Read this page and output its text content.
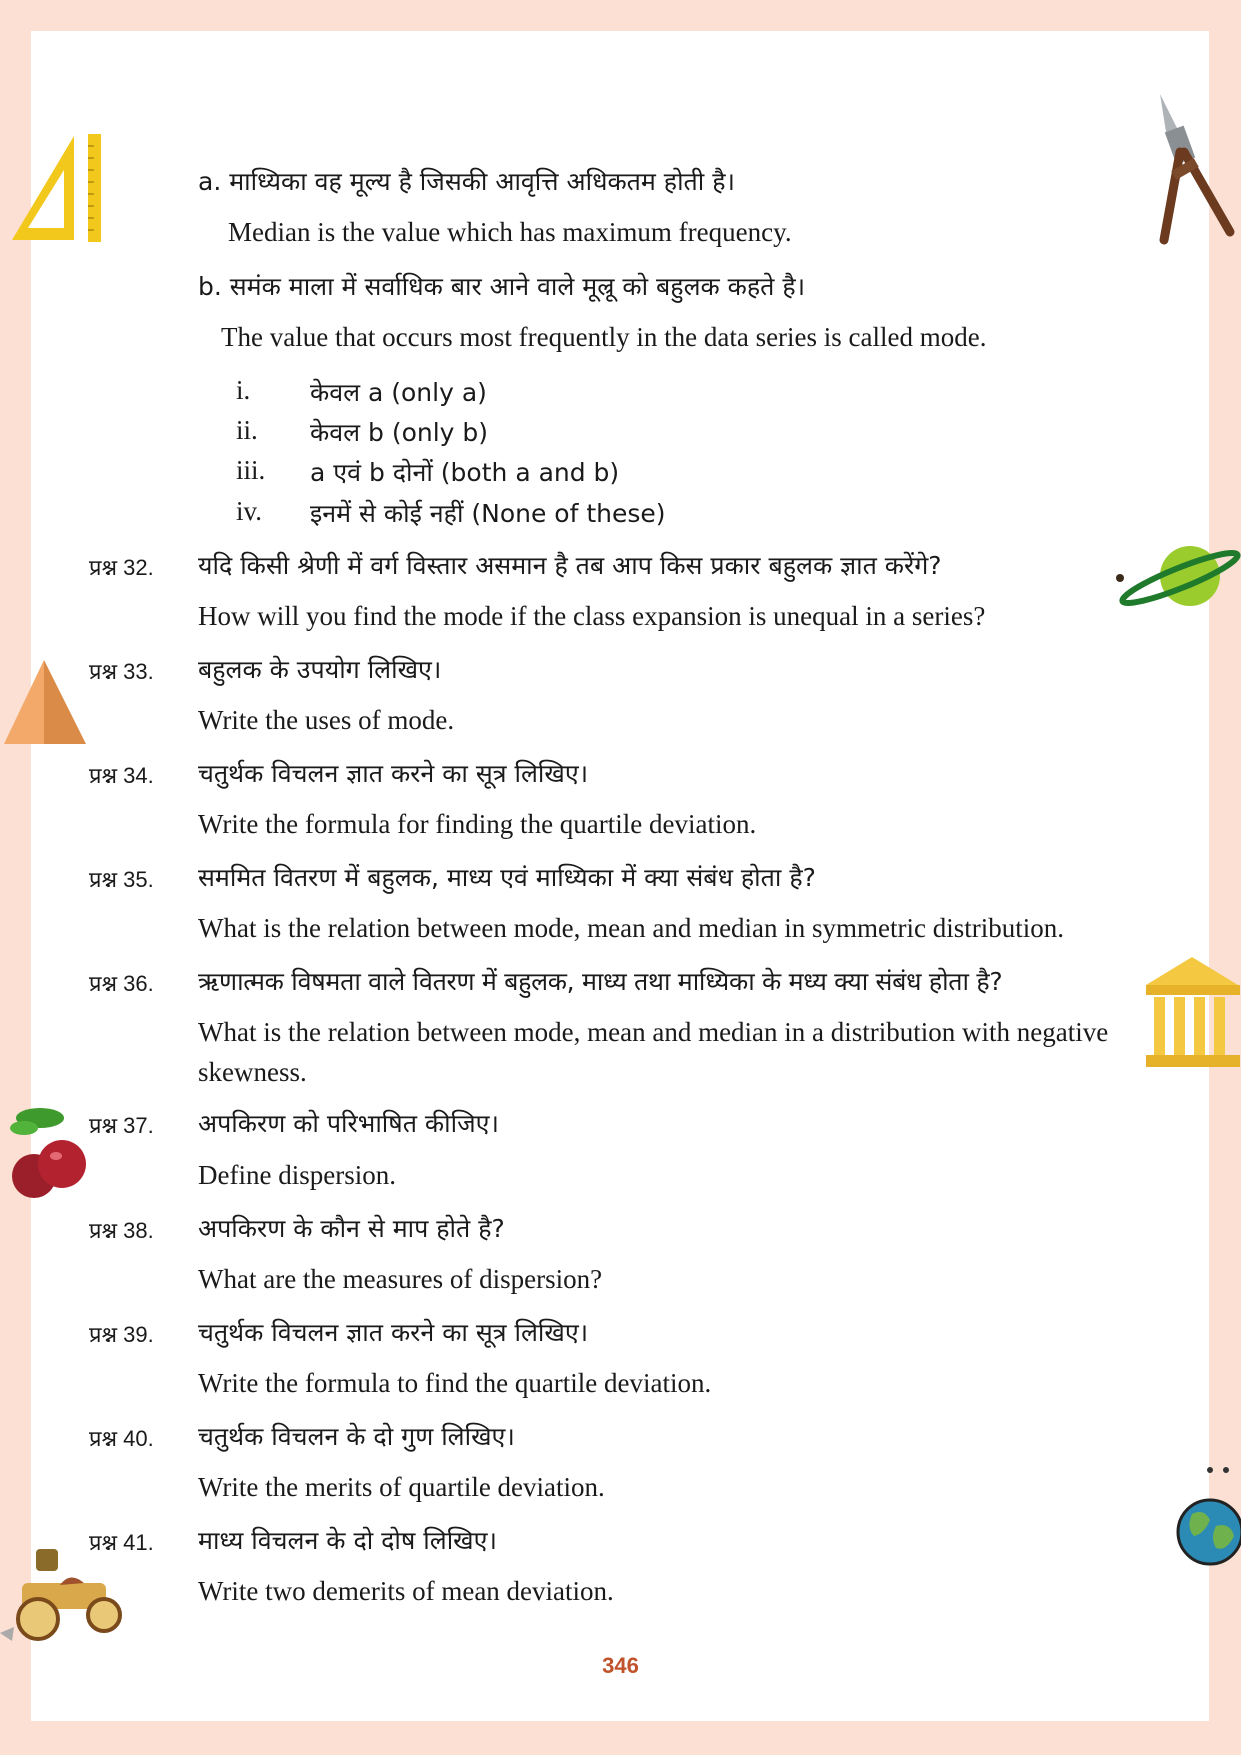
a. माध्यिका वह मूल्य है जिसकी आवृत्ति अधिकतम होती है।
Median is the value which has maximum frequency.
b. समंक माला में सर्वाधिक बार आने वाले मूल्रू को बहुलक कहते है।
The value that occurs most frequently in the data series is called mode.
i. केवल a (only a)
ii. केवल b (only b)
iii. a एवं b दोनों (both a and b)
iv. इनमें से कोई नहीं (None of these)
प्रश्न 32. यदि किसी श्रेणी में वर्ग विस्तार असमान है तब आप किस प्रकार बहुलक ज्ञात करेंगे?
How will you find the mode if the class expansion is unequal in a series?
प्रश्न 33. बहुलक के उपयोग लिखिए।
Write the uses of mode.
प्रश्न 34. चतुर्थक विचलन ज्ञात करने का सूत्र लिखिए।
Write the formula for finding the quartile deviation.
प्रश्न 35. सममित वितरण में बहुलक, माध्य एवं माध्यिका में क्या संबंध होता है?
What is the relation between mode, mean and median in symmetric distribution.
प्रश्न 36. ऋणात्मक विषमता वाले वितरण में बहुलक, माध्य तथा माध्यिका के मध्य क्या संबंध होता है?
What is the relation between mode, mean and median in a distribution with negative
skewness.
प्रश्न 37. अपकिरण को परिभाषित कीजिए।
Define dispersion.
प्रश्न 38. अपकिरण के कौन से माप होते है?
What are the measures of dispersion?
प्रश्न 39. चतुर्थक विचलन ज्ञात करने का सूत्र लिखिए।
Write the formula to find the quartile deviation.
प्रश्न 40. चतुर्थक विचलन के दो गुण लिखिए।
Write the merits of quartile deviation.
प्रश्न 41. माध्य विचलन के दो दोष लिखिए।
Write two demerits of mean deviation.
346
